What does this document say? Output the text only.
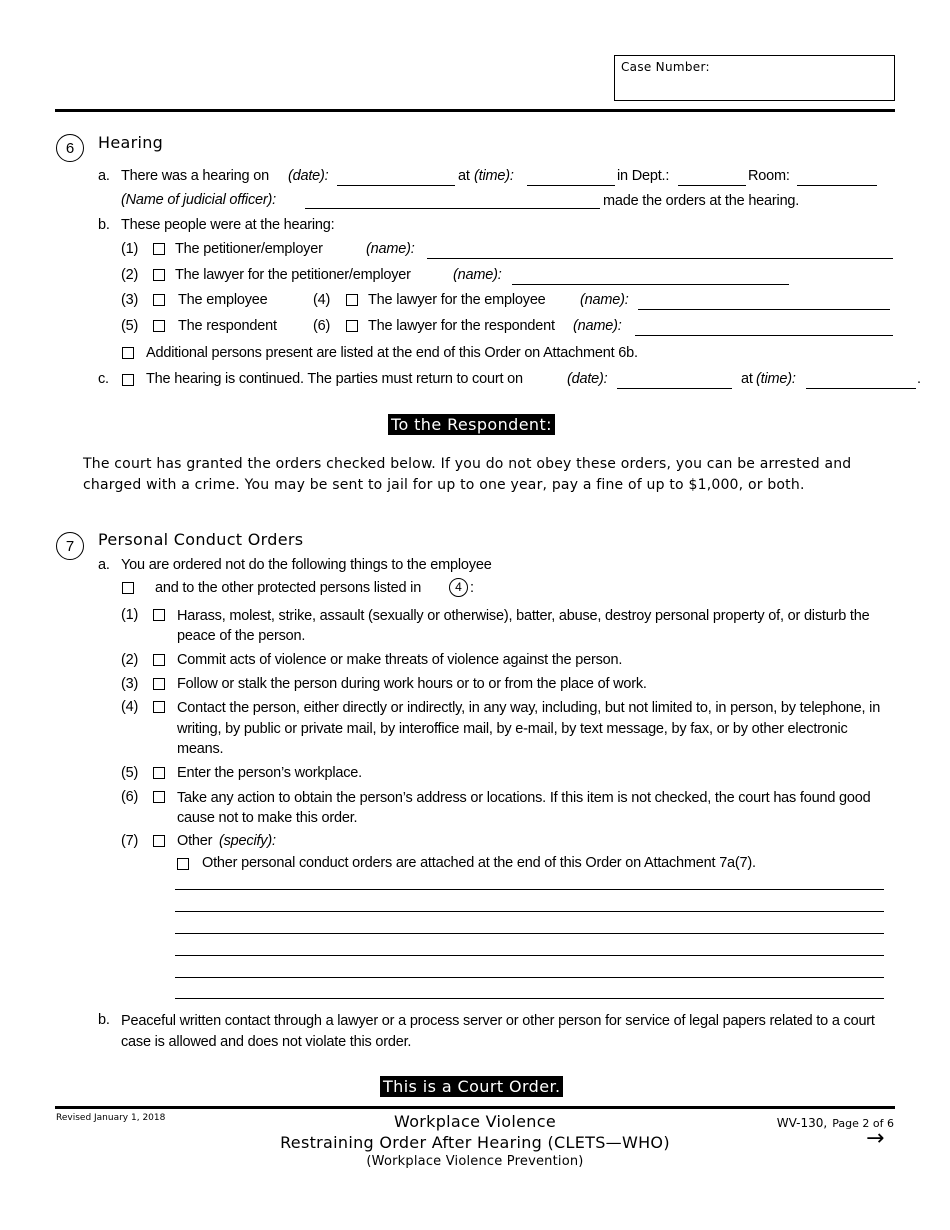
Case Number:
6	Hearing
a. There was a hearing on (date):	at (time):	in Dept.:	Room:
(Name of judicial officer):	made the orders at the hearing.
b. These people were at the hearing:
(1)	The petitioner/employer	(name):
(2)	The lawyer for the petitioner/employer	(name):
(3)	The employee	(4)	The lawyer for the employee (name):
(5)	The respondent (6)	The lawyer for the respondent (name):
Additional persons present are listed at the end of this Order on Attachment 6b.
c.	The hearing is continued. The parties must return to court on	(date):	at (time):	.
To the Respondent:
The court has granted the orders checked below. If you do not obey these orders, you can be arrested and charged with a crime. You may be sent to jail for up to one year, pay a fine of up to $1,000, or both.
7	Personal Conduct Orders
a. You are ordered not do the following things to the employee
and to the other protected persons listed in	4 :
(1)	Harass, molest, strike, assault (sexually or otherwise), batter, abuse, destroy personal property of, or disturb the peace of the person.
(2)	Commit acts of violence or make threats of violence against the person.
(3)	Follow or stalk the person during work hours or to or from the place of work.
(4)	Contact the person, either directly or indirectly, in any way, including, but not limited to, in person, by telephone, in writing, by public or private mail, by interoffice mail, by e-mail, by text message, by fax, or by other electronic means.
(5)	Enter the person’s workplace.
(6)	Take any action to obtain the person’s address or locations. If this item is not checked, the court has found good cause not to make this order.
(7)	Other (specify):
Other personal conduct orders are attached at the end of this Order on Attachment 7a(7).
b. Peaceful written contact through a lawyer or a process server or other person for service of legal papers related to a court case is allowed and does not violate this order.
This is a Court Order.
Revised January 1, 2018	Workplace Violence
Restraining Order After Hearing (CLETS—WHO)
(Workplace Violence Prevention)
WV-130, Page 2 of 6
→
